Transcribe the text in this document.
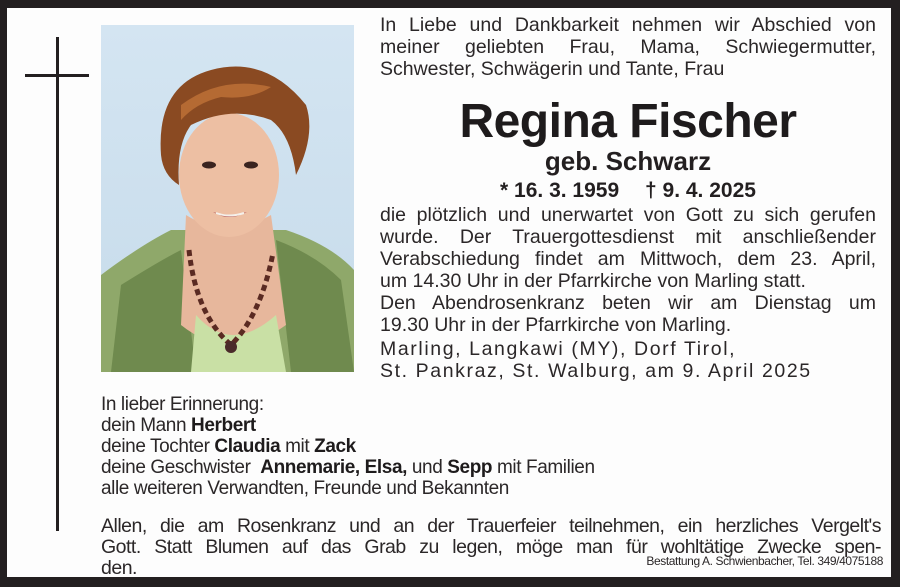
In Liebe und Dankbarkeit nehmen wir Abschied von
meiner geliebten Frau, Mama, Schwiegermutter,
Schwester, Schwägerin und Tante, Frau
Regina Fischer
geb. Schwarz
* 16. 3. 1959 † 9. 4. 2025
die plötzlich und unerwartet von Gott zu sich gerufen
wurde. Der Trauergottesdienst mit anschließender
Verabschiedung findet am Mittwoch, dem 23. April,
um 14.30 Uhr in der Pfarrkirche von Marling statt.
Den Abendrosenkranz beten wir am Dienstag um
19.30 Uhr in der Pfarrkirche von Marling.
Marling, Langkawi (MY), Dorf Tirol,
St. Pankraz, St. Walburg, am 9. April 2025
In lieber Erinnerung:
dein Mann Herbert
deine Tochter Claudia mit Zack
deine Geschwister  Annemarie, Elsa, und Sepp mit Familien
alle weiteren Verwandten, Freunde und Bekannten
Allen, die am Rosenkranz und an der Trauerfeier teilnehmen, ein herzliches Vergelt's
Gott. Statt Blumen auf das Grab zu legen, möge man für wohltätige Zwecke spen-
den.	Bestattung A. Schwienbacher, Tel. 349/4075188
